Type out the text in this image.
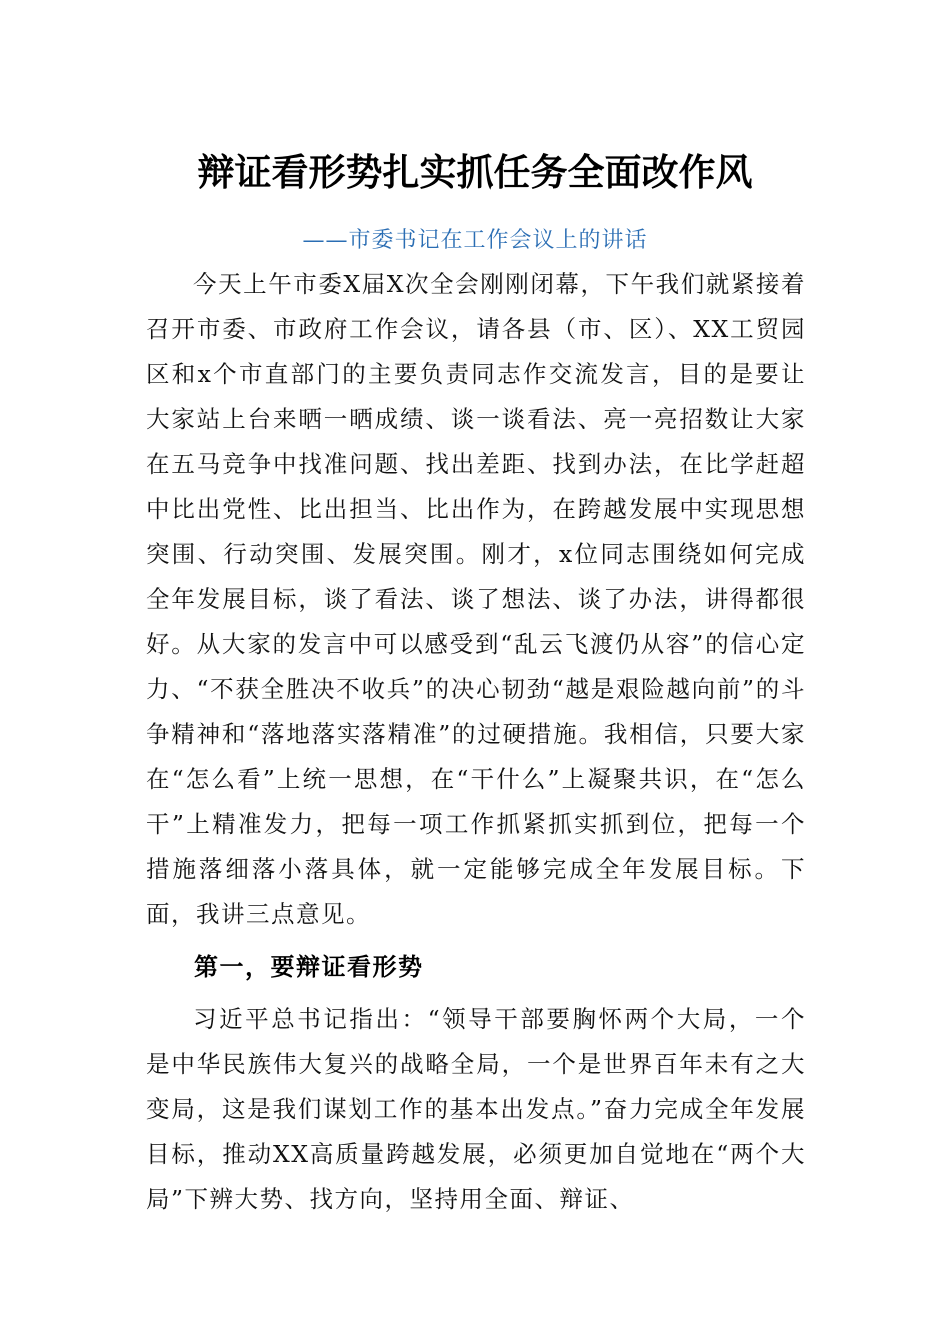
辩证看形势扎实抓任务全面改作风
——市委书记在工作会议上的讲话

今天上午市委X届X次全会刚刚闭幕，下午我们就紧接着召开市委、市政府工作会议，请各县（市、区）、XX工贸园区和x个市直部门的主要负责同志作交流发言，目的是要让大家站上台来晒一晒成绩、谈一谈看法、亮一亮招数让大家在五马竞争中找准问题、找出差距、找到办法，在比学赶超中比出党性、比出担当、比出作为，在跨越发展中实现思想突围、行动突围、发展突围。刚才，x位同志围绕如何完成全年发展目标，谈了看法、谈了想法、谈了办法，讲得都很好。从大家的发言中可以感受到“乱云飞渡仍从容”的信心定力、“不获全胜决不收兵”的决心韧劲“越是艰险越向前”的斗争精神和“落地落实落精准”的过硬措施。我相信，只要大家在“怎么看”上统一思想，在“干什么”上凝聚共识，在“怎么干”上精准发力，把每一项工作抓紧抓实抓到位，把每一个措施落细落小落具体，就一定能够完成全年发展目标。下面，我讲三点意见。

第一，要辩证看形势

习近平总书记指出：“领导干部要胸怀两个大局，一个是中华民族伟大复兴的战略全局，一个是世界百年未有之大变局，这是我们谋划工作的基本出发点。”奋力完成全年发展目标，推动XX高质量跨越发展，必须更加自觉地在“两个大局”下辨大势、找方向，坚持用全面、辩证、
